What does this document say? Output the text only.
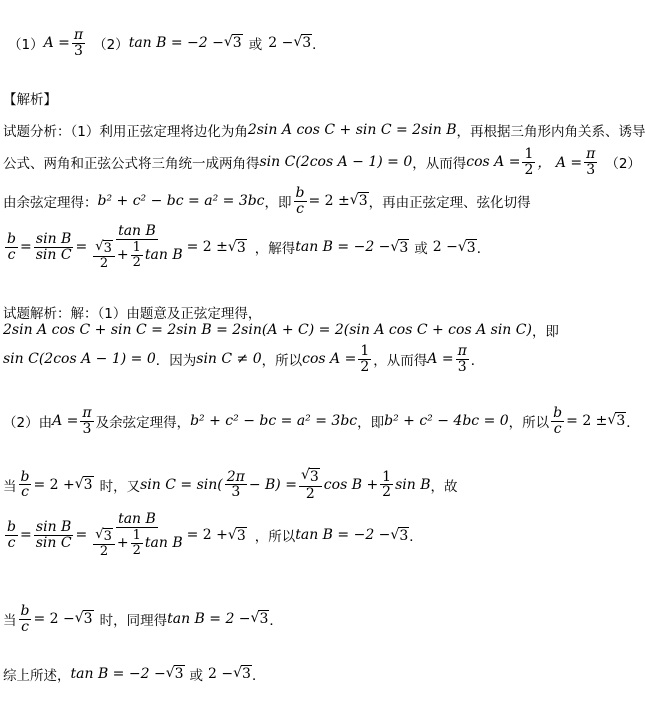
（1） $A = \frac{\pi}{3} (2)$ tan B = −2 − √ 3 或 2 − √ 3 ．
【解析】
试题分析：（1）利用正弦定理将边化为角 2sin A cos C + sin C = 2sin B ，再根据三角形内角关系、诱导
公式、两角和正弦公式将三角统一成两角得 sin C(2cos A − 1) = 0 ，从而得 $\cos A = \frac{1}{2}$ ， $A = \frac{\pi}{3} (2)$
由余弦定理得： b² + c² − bc = a² = 3bc ，即 $\frac{b}{c} = 2$ ± √ 3 ，再由正弦定理、弦化切得
$\frac{b}{c} = \frac{\text{sin B}}{\text{sin C}} = \frac{\text{tan B}}{\frac{√ 3}{2} + \frac{1}{2} \tan B} = 2$ ± √ 3 ，解得 tan B = −2 − √ 3 或 2 − √ 3 ．
试题解析：解：（1）由题意及正弦定理得，
2sin A cos C + sin C = 2sin B = 2sin(A + C) = 2(sin A cos C + cos A sin C) ，即
sin C(2cos A − 1) = 0 ．因为 sin C ≠ 0 ，所以 $\cos A = \frac{1}{2}$ ，从而得 $A = \frac{\pi}{3}$ ．
（2）由 $A = \frac{\pi}{3}$ 及余弦定理得， b² + c² − bc = a² = 3bc ，即 b² + c² − 4bc = 0 ，所以 $\frac{b}{c} = 2$ ± √ 3 ．
当 $\frac{b}{c} = 2$ + √ 3 时，又 $\sin C = \sin( \frac{2\pi}{3} - B) = \frac{√ 3}{2}$ $\cos B + \frac{1}{2}$ sin B ，故
$\frac{b}{c} = \frac{\text{sin B}}{\text{sin C}} = \frac{\text{tan B}}{\frac{√ 3}{2} + \frac{1}{2} \tan B} = 2$ + √ 3 ，所以 tan B = −2 − √ 3 ．
当 $\frac{b}{c} = 2$ − √ 3 时，同理得 tan B = 2 − √ 3 ．
综上所述， tan B = −2 − √ 3 或 2 − √ 3 ．
